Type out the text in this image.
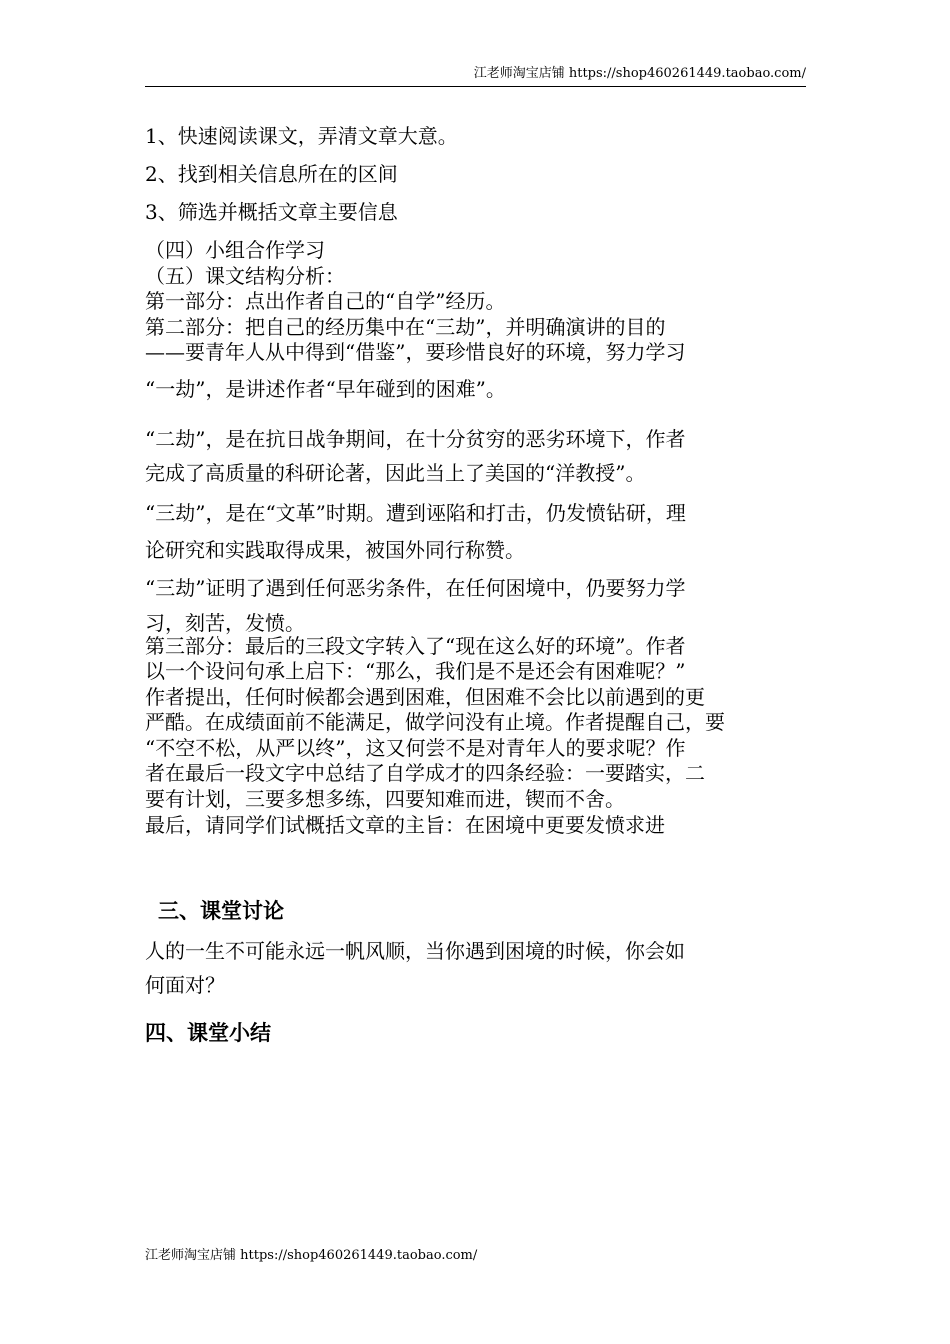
江老师淘宝店铺 https://shop460261449.taobao.com/
1、快速阅读课文，弄清文章大意。
2、找到相关信息所在的区间
3、筛选并概括文章主要信息
（四）小组合作学习
（五）课文结构分析：
第一部分：点出作者自己的“自学”经历。
第二部分：把自己的经历集中在“三劫”，并明确演讲的目的
——要青年人从中得到“借鉴”，要珍惜良好的环境，努力学习
“一劫”，是讲述作者“早年碰到的困难”。
“二劫”，是在抗日战争期间，在十分贫穷的恶劣环境下，作者
完成了高质量的科研论著，因此当上了美国的“洋教授”。
“三劫”，是在“文革”时期。遭到诬陷和打击，仍发愤钻研，理
论研究和实践取得成果，被国外同行称赞。
“三劫”证明了遇到任何恶劣条件，在任何困境中，仍要努力学
习，刻苦，发愤。
第三部分：最后的三段文字转入了“现在这么好的环境”。作者
以一个设问句承上启下：“那么，我们是不是还会有困难呢？”
作者提出，任何时候都会遇到困难，但困难不会比以前遇到的更
严酷。在成绩面前不能满足，做学问没有止境。作者提醒自己，要
“不空不松，从严以终”，这又何尝不是对青年人的要求呢？作
者在最后一段文字中总结了自学成才的四条经验：一要踏实，二
要有计划，三要多想多练，四要知难而进，锲而不舍。
最后，请同学们试概括文章的主旨：在困境中更要发愤求进
三、课堂讨论
人的一生不可能永远一帆风顺，当你遇到困境的时候，你会如
何面对？
四、课堂小结
江老师淘宝店铺 https://shop460261449.taobao.com/
